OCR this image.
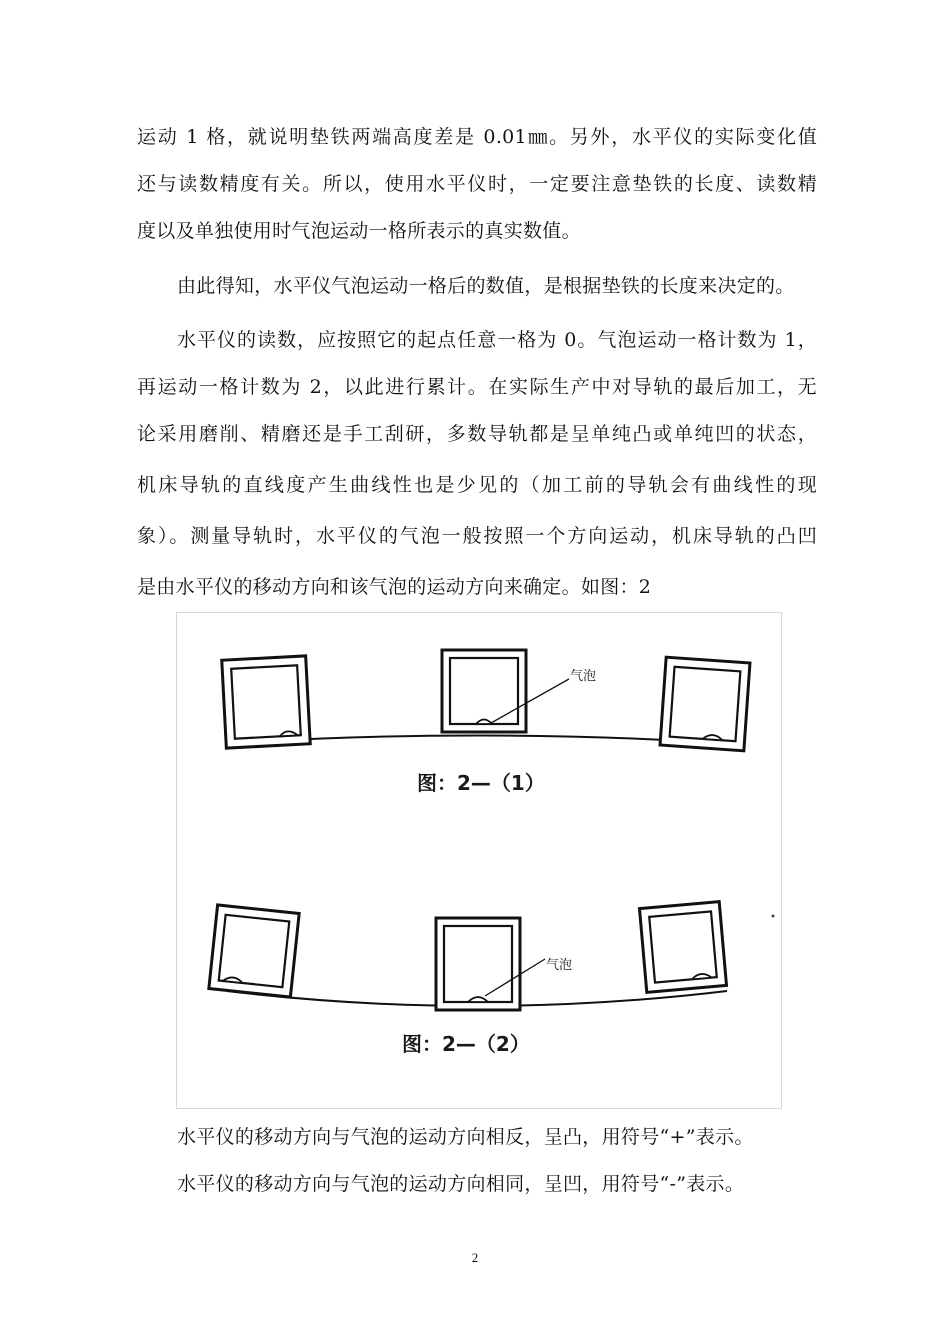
运动 1 格，就说明垫铁两端高度差是 0.01㎜。另外，水平仪的实际变化值
还与读数精度有关。所以，使用水平仪时，一定要注意垫铁的长度、读数精
度以及单独使用时气泡运动一格所表示的真实数值。
由此得知，水平仪气泡运动一格后的数值，是根据垫铁的长度来决定的。
水平仪的读数，应按照它的起点任意一格为 0。气泡运动一格计数为 1，
再运动一格计数为 2，以此进行累计。在实际生产中对导轨的最后加工，无
论采用磨削、精磨还是手工刮研，多数导轨都是呈单纯凸或单纯凹的状态，
机床导轨的直线度产生曲线性也是少见的（加工前的导轨会有曲线性的现
象）。测量导轨时，水平仪的气泡一般按照一个方向运动，机床导轨的凸凹
是由水平仪的移动方向和该气泡的运动方向来确定。如图：2
气泡
图：2—（1）
气泡
图：2—（2）
水平仪的移动方向与气泡的运动方向相反，呈凸，用符号“+”表示。
水平仪的移动方向与气泡的运动方向相同，呈凹，用符号“-”表示。
2
